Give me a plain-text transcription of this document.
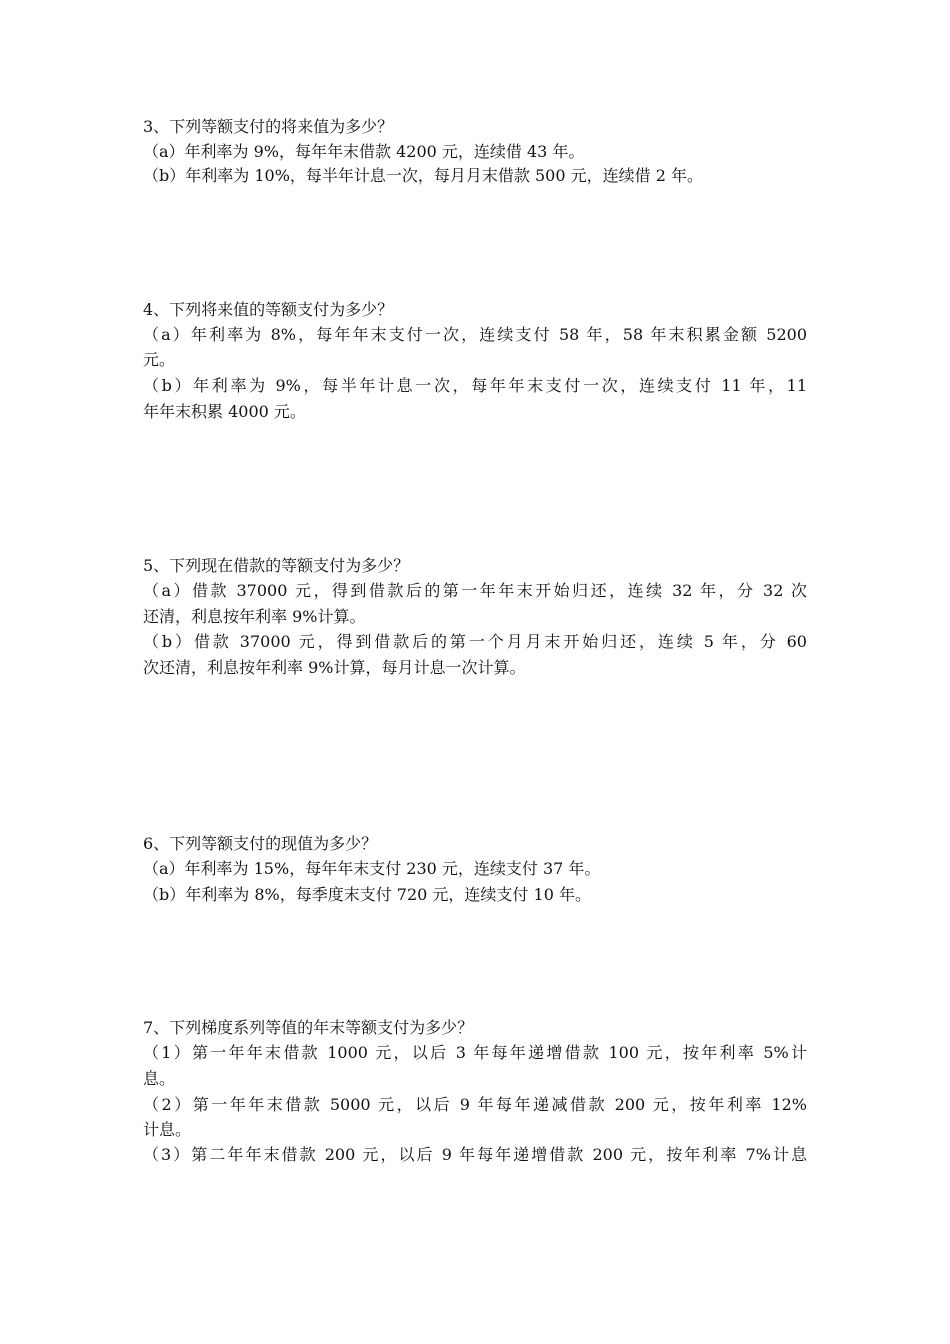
3、下列等额支付的将来值为多少？
（a）年利率为 9%，每年年末借款 4200 元，连续借 43 年。
（b）年利率为 10%，每半年计息一次，每月月末借款 500 元，连续借 2 年。
4、下列将来值的等额支付为多少？
（a）年利率为 8%，每年年末支付一次，连续支付 58 年，58 年末积累金额 5200
元。
（b）年利率为 9%，每半年计息一次，每年年末支付一次，连续支付 11 年，11
年年末积累 4000 元。
5、下列现在借款的等额支付为多少？
（a）借款 37000 元，得到借款后的第一年年末开始归还，连续 32 年，分 32 次
还清，利息按年利率 9%计算。
（b）借款 37000 元，得到借款后的第一个月月末开始归还，连续 5 年，分 60
次还清，利息按年利率 9%计算，每月计息一次计算。
6、下列等额支付的现值为多少？
（a）年利率为 15%，每年年末支付 230 元，连续支付 37 年。
（b）年利率为 8%，每季度末支付 720 元，连续支付 10 年。
7、下列梯度系列等值的年末等额支付为多少？
（1）第一年年末借款 1000 元，以后 3 年每年递增借款 100 元，按年利率 5%计
息。
（2）第一年年末借款 5000 元，以后 9 年每年递减借款 200 元，按年利率 12%
计息。
（3）第二年年末借款 200 元，以后 9 年每年递增借款 200 元，按年利率 7%计息
